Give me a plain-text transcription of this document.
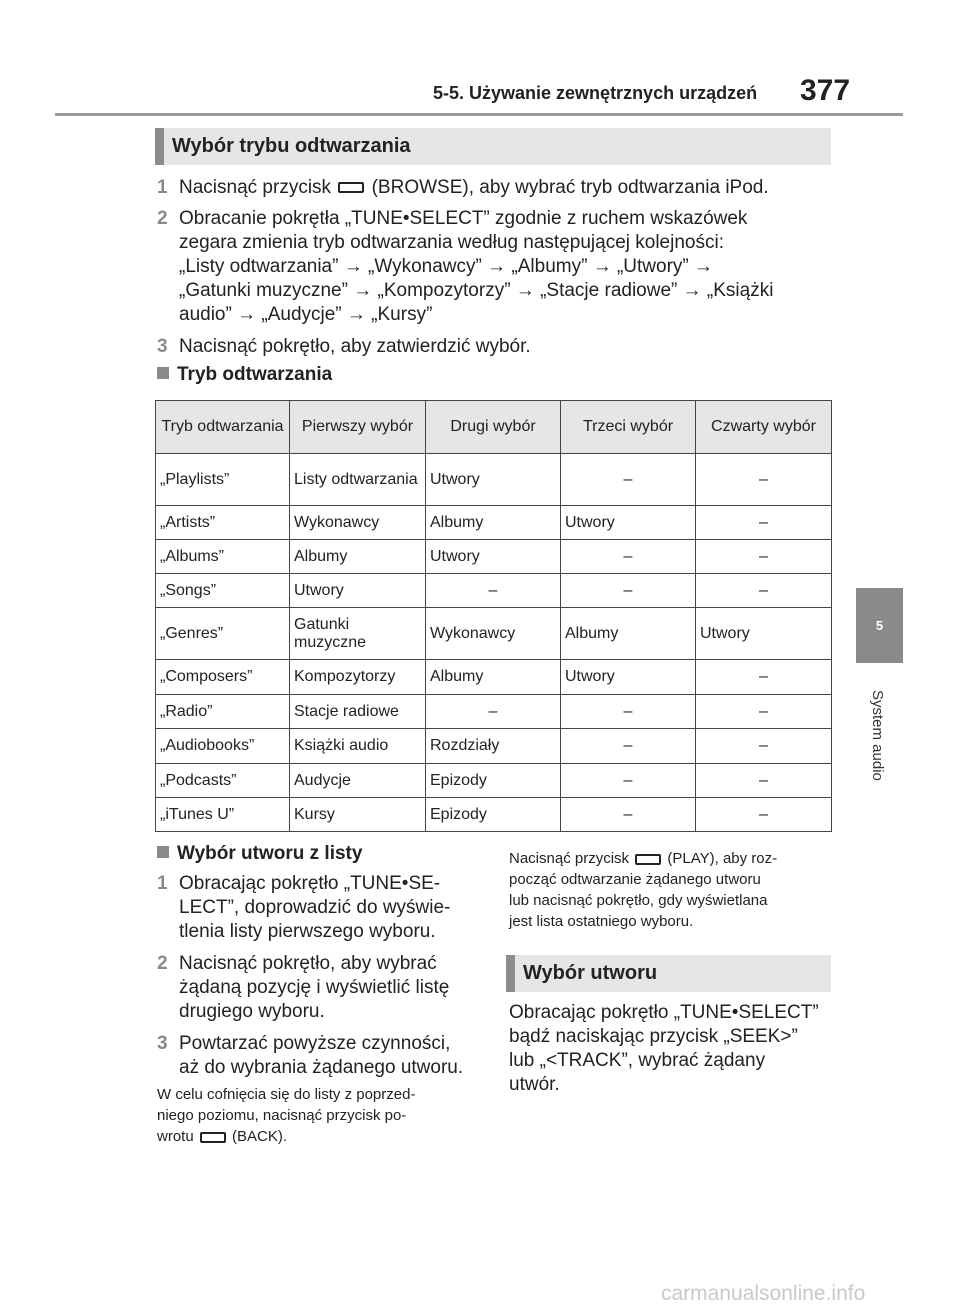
5-5. Używanie zewnętrznych urządzeń 377
5
System audio
Wybór trybu odtwarzania
1 Nacisnąć przycisk (BROWSE), aby wybrać tryb odtwarzania iPod.
2 Obracanie pokrętła „TUNE•SELECT” zgodnie z ruchem wskazówek
zegara zmienia tryb odtwarzania według następującej kolejności:
„Listy odtwarzania” → „Wykonawcy” → „Albumy” → „Utwory” →
„Gatunki muzyczne” → „Kompozytorzy” → „Stacje radiowe” → „Książki
audio” → „Audycje” → „Kursy”
3 Nacisnąć pokrętło, aby zatwierdzić wybór.
Tryb odtwarzania
Tryb odtwarzania	Pierwszy wybór	Drugi wybór	Trzeci wybór	Czwarty wybór
„Playlists”	Listy odtwarzania	Utwory	–	–
„Artists”	Wykonawcy	Albumy	Utwory	–
„Albums”	Albumy	Utwory	–	–
„Songs”	Utwory	–	–	–
„Genres”	Gatunki muzyczne	Wykonawcy	Albumy	Utwory
„Composers”	Kompozytorzy	Albumy	Utwory	–
„Radio”	Stacje radiowe	–	–	–
„Audiobooks”	Książki audio	Rozdziały	–	–
„Podcasts”	Audycje	Epizody	–	–
„iTunes U”	Kursy	Epizody	–	–
Wybór utworu z listy
1 Obracając pokrętło „TUNE•SE-
LECT”, doprowadzić do wyświe-
tlenia listy pierwszego wyboru.
2 Nacisnąć pokrętło, aby wybrać
żądaną pozycję i wyświetlić listę
drugiego wyboru.
3 Powtarzać powyższe czynności,
aż do wybrania żądanego utworu.
W celu cofnięcia się do listy z poprzed-
niego poziomu, nacisnąć przycisk po-
wrotu	(BACK).
Nacisnąć przycisk	(PLAY), aby roz-
począć odtwarzanie żądanego utworu
lub nacisnąć pokrętło, gdy wyświetlana
jest lista ostatniego wyboru.
Wybór utworu
Obracając pokrętło „TUNE•SELECT”
bądź naciskając przycisk „SEEK>”
lub „<TRACK”, wybrać żądany
utwór.
carmanualsonline.info
